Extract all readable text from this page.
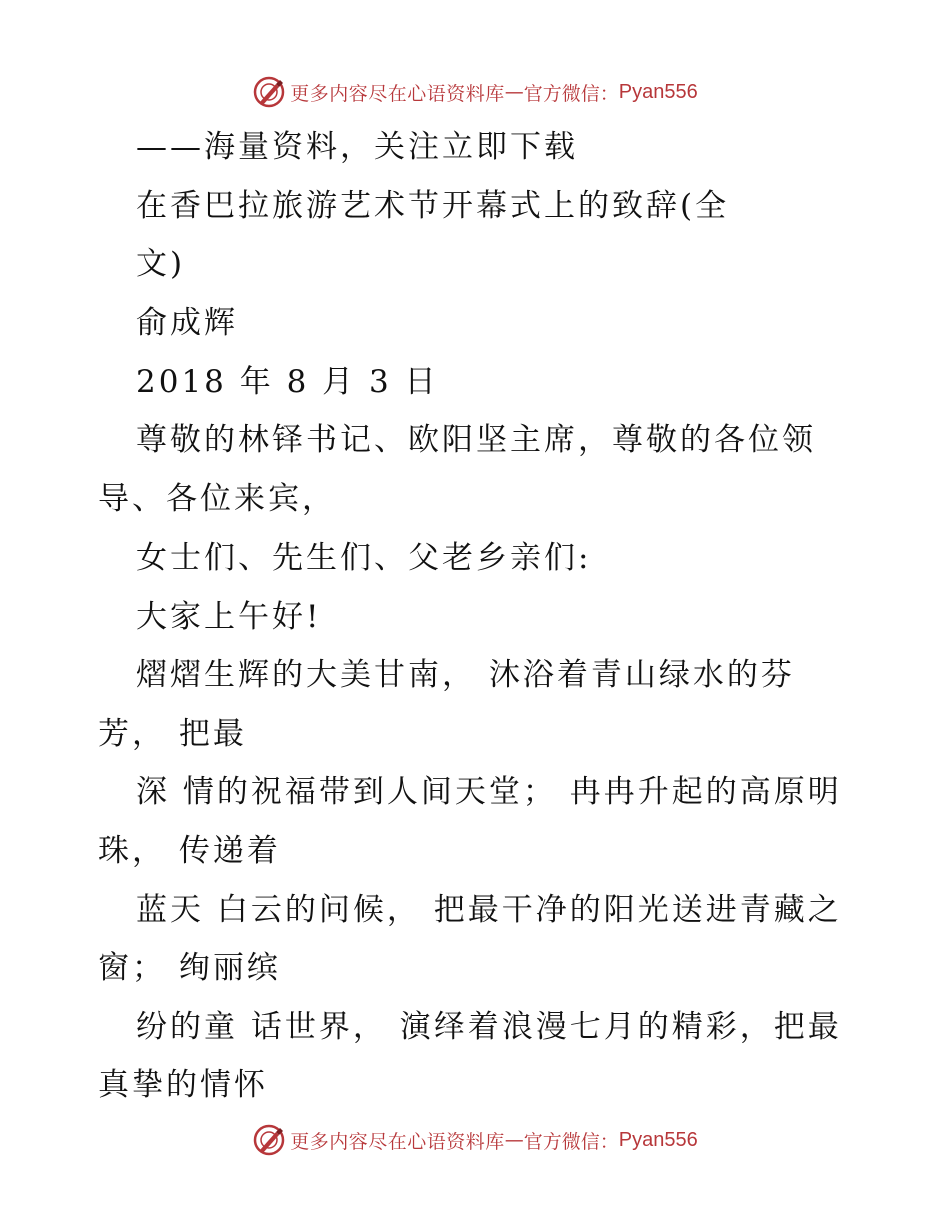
更多内容尽在心语资料库 — 官方微信： Pyan556
——海量资料，关注立即下载
在香巴拉旅游艺术节开幕式上的致辞(全
文)
俞成辉
2018 年 8 月 3 日
尊敬的林铎书记、欧阳坚主席，尊敬的各位领
导、各位来宾，
女士们、先生们、父老乡亲们:
大家上午好!
熠熠生辉的大美甘南， 沐浴着青山绿水的芬
芳， 把最
深 情的祝福带到人间天堂； 冉冉升起的高原明
珠， 传递着
蓝天 白云的问候， 把最干净的阳光送进青藏之
窗； 绚丽缤
纷的童 话世界， 演绎着浪漫七月的精彩，把最
真挚的情怀
更多内容尽在心语资料库 — 官方微信： Pyan556
